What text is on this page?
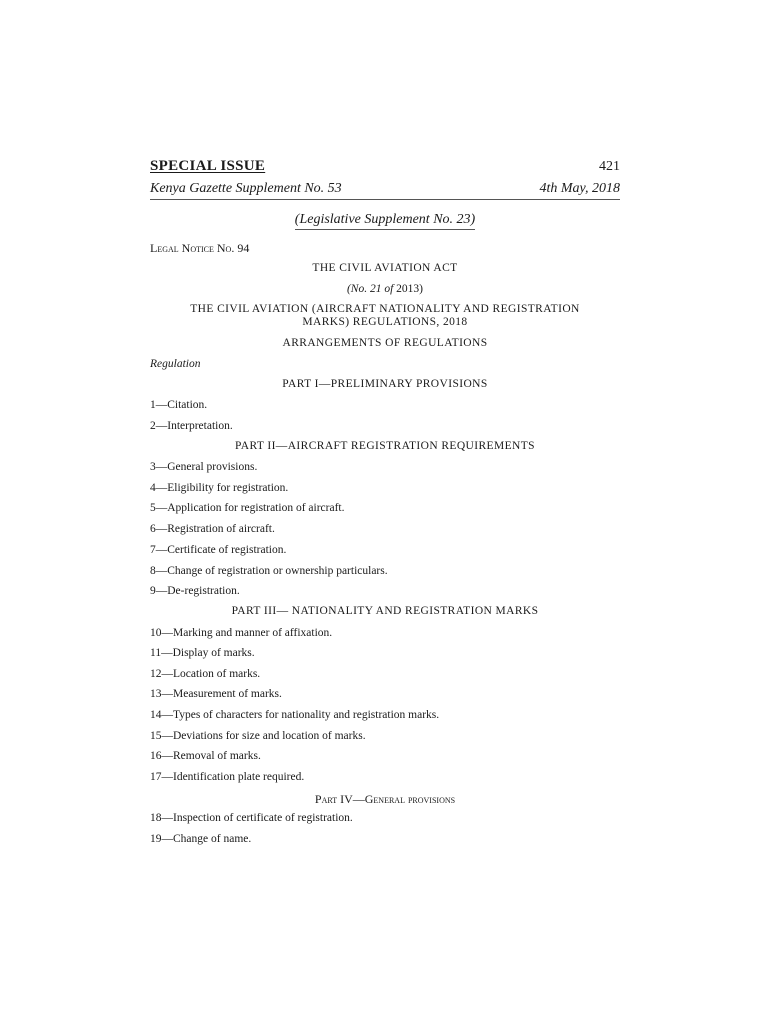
SPECIAL ISSUE	421
Kenya Gazette Supplement No. 53	4th May, 2018
(Legislative Supplement No. 23)
Legal Notice No. 94
THE CIVIL AVIATION ACT
(No. 21 of 2013)
THE CIVIL AVIATION (AIRCRAFT NATIONALITY AND REGISTRATION MARKS) REGULATIONS, 2018
ARRANGEMENTS OF REGULATIONS
Regulation
PART I—PRELIMINARY PROVISIONS
1—Citation.
2—Interpretation.
PART II—AIRCRAFT REGISTRATION REQUIREMENTS
3—General provisions.
4—Eligibility for registration.
5—Application for registration of aircraft.
6—Registration of aircraft.
7—Certificate of registration.
8—Change of registration or ownership particulars.
9—De-registration.
PART III— NATIONALITY AND REGISTRATION MARKS
10—Marking and manner of affixation.
11—Display of marks.
12—Location of marks.
13—Measurement of marks.
14—Types of characters for nationality and registration marks.
15—Deviations for size and location of marks.
16—Removal of marks.
17—Identification plate required.
Part IV—General provisions
18—Inspection of certificate of registration.
19—Change of name.
